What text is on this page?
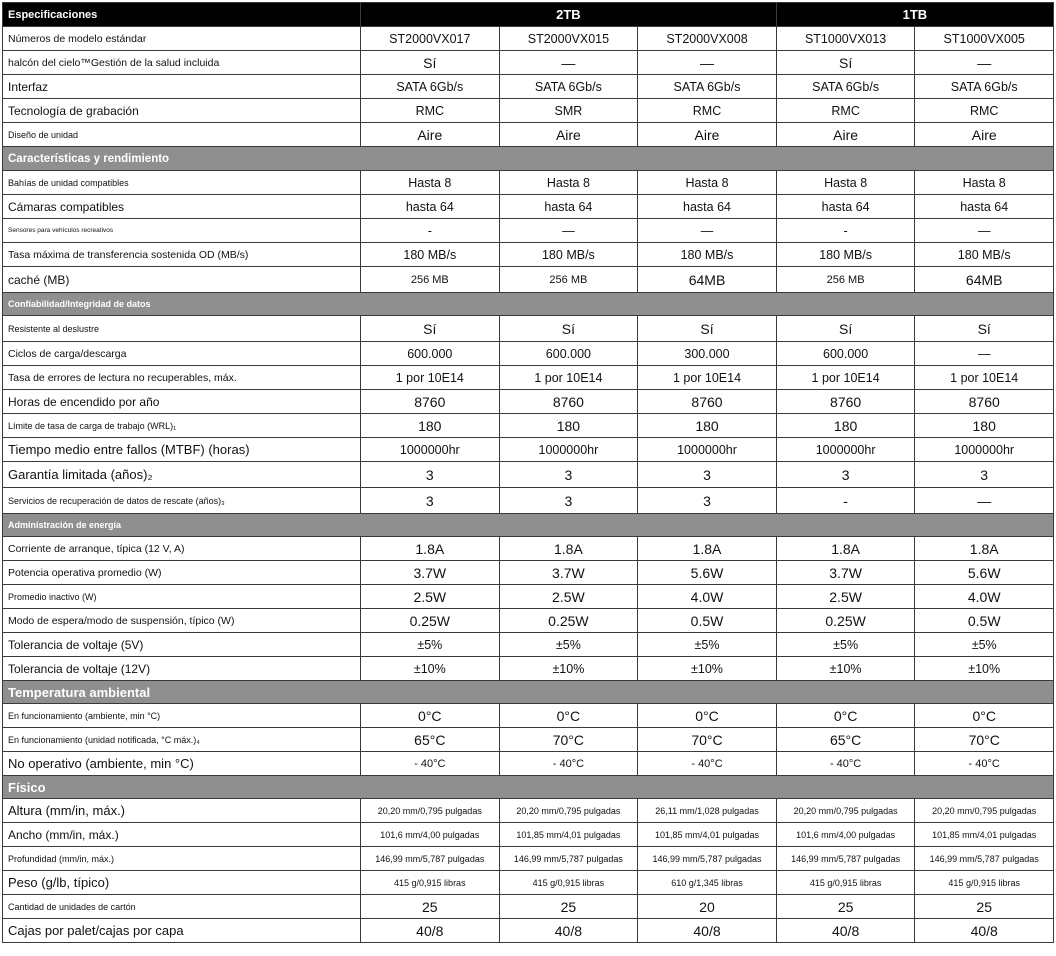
Especificaciones	2TB			1TB	
Números de modelo estándar	ST2000VX017	ST2000VX015	ST2000VX008	ST1000VX013	ST1000VX005
halcón del cielo™Gestión de la salud incluida	Sí	—	—	Sí	—
Interfaz	SATA 6Gb/s	SATA 6Gb/s	SATA 6Gb/s	SATA 6Gb/s	SATA 6Gb/s
Tecnología de grabación	RMC	SMR	RMC	RMC	RMC
Diseño de unidad	Aire	Aire	Aire	Aire	Aire
Características y rendimiento					
Bahías de unidad compatibles	Hasta 8	Hasta 8	Hasta 8	Hasta 8	Hasta 8
Cámaras compatibles	hasta 64	hasta 64	hasta 64	hasta 64	hasta 64
Sensores para vehículos recreativos	-	—	—	-	—
Tasa máxima de transferencia sostenida OD (MB/s)	180 MB/s	180 MB/s	180 MB/s	180 MB/s	180 MB/s
caché (MB)	256 MB	256 MB	64MB	256 MB	64MB
Confiabilidad/Integridad de datos					
Resistente al deslustre	Sí	Sí	Sí	Sí	Sí
Ciclos de carga/descarga	600.000	600.000	300.000	600.000	—
Tasa de errores de lectura no recuperables, máx.	1 por 10E14	1 por 10E14	1 por 10E14	1 por 10E14	1 por 10E14
Horas de encendido por año	8760	8760	8760	8760	8760
Límite de tasa de carga de trabajo (WRL)₁	180	180	180	180	180
Tiempo medio entre fallos (MTBF) (horas)	1000000hr	1000000hr	1000000hr	1000000hr	1000000hr
Garantía limitada (años)₂	3	3	3	3	3
Servicios de recuperación de datos de rescate (años)₃	3	3	3	-	—
Administración de energía					
Corriente de arranque, típica (12 V, A)	1.8A	1.8A	1.8A	1.8A	1.8A
Potencia operativa promedio (W)	3.7W	3.7W	5.6W	3.7W	5.6W
Promedio inactivo (W)	2.5W	2.5W	4.0W	2.5W	4.0W
Modo de espera/modo de suspensión, típico (W)	0.25W	0.25W	0.5W	0.25W	0.5W
Tolerancia de voltaje (5V)	±5%	±5%	±5%	±5%	±5%
Tolerancia de voltaje (12V)	±10%	±10%	±10%	±10%	±10%
Temperatura ambiental					
En funcionamiento (ambiente, min °C)	0°C	0°C	0°C	0°C	0°C
En funcionamiento (unidad notificada, °C máx.)₄	65°C	70°C	70°C	65°C	70°C
No operativo (ambiente, min °C)	- 40°C	- 40°C	- 40°C	- 40°C	- 40°C
Físico					
Altura (mm/in, máx.)	20,20 mm/0,795 pulgadas	20,20 mm/0,795 pulgadas	26,11 mm/1,028 pulgadas	20,20 mm/0,795 pulgadas	20,20 mm/0,795 pulgadas
Ancho (mm/in, máx.)	101,6 mm/4,00 pulgadas	101,85 mm/4,01 pulgadas	101,85 mm/4,01 pulgadas	101,6 mm/4,00 pulgadas	101,85 mm/4,01 pulgadas
Profundidad (mm/in, máx.)	146,99 mm/5,787 pulgadas	146,99 mm/5,787 pulgadas	146,99 mm/5,787 pulgadas	146,99 mm/5,787 pulgadas	146,99 mm/5,787 pulgadas
Peso (g/lb, típico)	415 g/0,915 libras	415 g/0,915 libras	610 g/1,345 libras	415 g/0,915 libras	415 g/0,915 libras
Cantidad de unidades de cartón	25	25	20	25	25
Cajas por palet/cajas por capa	40/8	40/8	40/8	40/8	40/8
